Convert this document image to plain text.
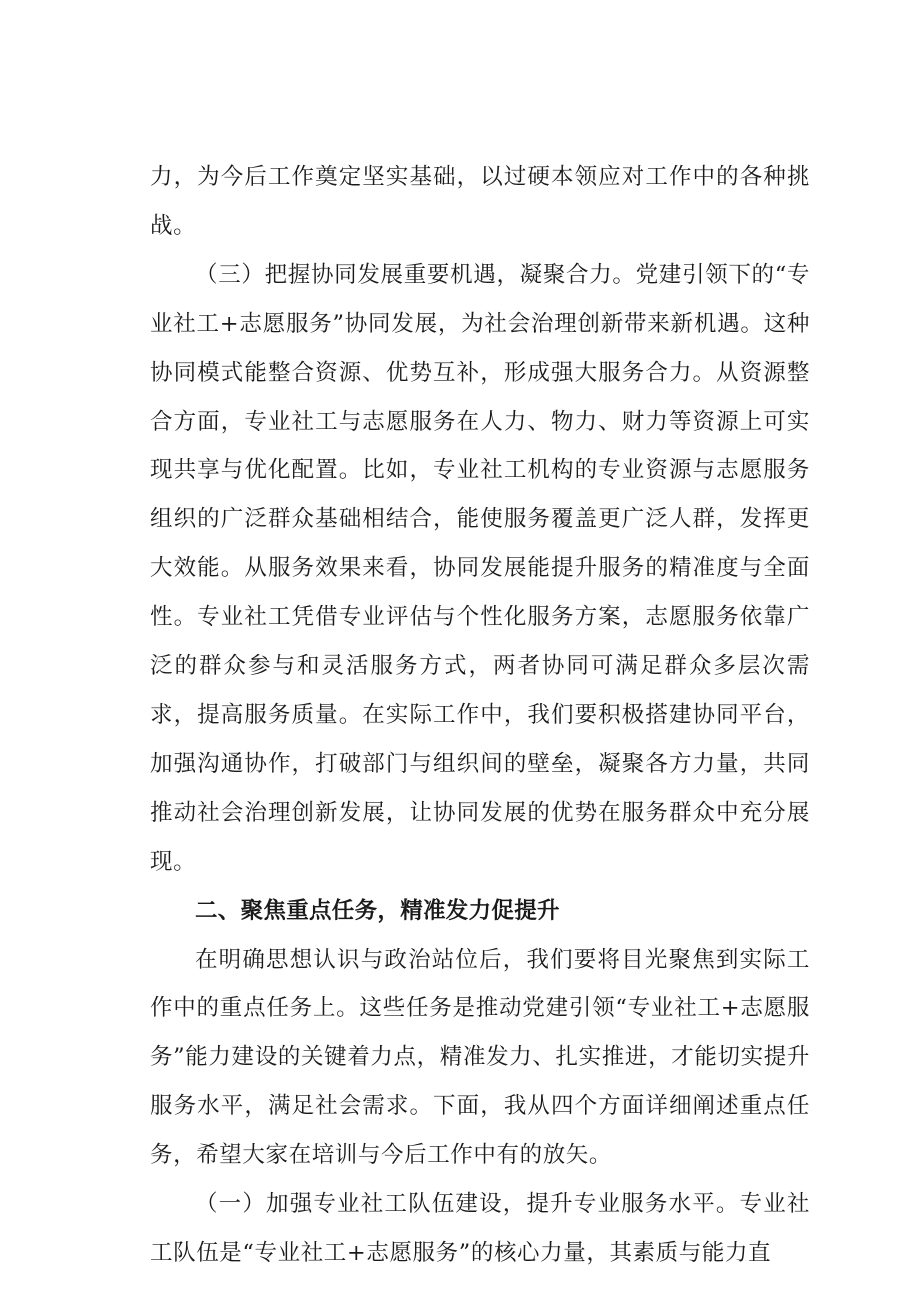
力，为今后工作奠定坚实基础，以过硬本领应对工作中的各种挑战。

（三）把握协同发展重要机遇，凝聚合力。党建引领下的“专业社工+志愿服务”协同发展，为社会治理创新带来新机遇。这种协同模式能整合资源、优势互补，形成强大服务合力。从资源整合方面，专业社工与志愿服务在人力、物力、财力等资源上可实现共享与优化配置。比如，专业社工机构的专业资源与志愿服务组织的广泛群众基础相结合，能使服务覆盖更广泛人群，发挥更大效能。从服务效果来看，协同发展能提升服务的精准度与全面性。专业社工凭借专业评估与个性化服务方案，志愿服务依靠广泛的群众参与和灵活服务方式，两者协同可满足群众多层次需求，提高服务质量。在实际工作中，我们要积极搭建协同平台，加强沟通协作，打破部门与组织间的壁垒，凝聚各方力量，共同推动社会治理创新发展，让协同发展的优势在服务群众中充分展现。

二、聚焦重点任务，精准发力促提升

在明确思想认识与政治站位后，我们要将目光聚焦到实际工作中的重点任务上。这些任务是推动党建引领“专业社工+志愿服务”能力建设的关键着力点，精准发力、扎实推进，才能切实提升服务水平，满足社会需求。下面，我从四个方面详细阐述重点任务，希望大家在培训与今后工作中有的放矢。

（一）加强专业社工队伍建设，提升专业服务水平。专业社工队伍是“专业社工+志愿服务”的核心力量，其素质与能力直
